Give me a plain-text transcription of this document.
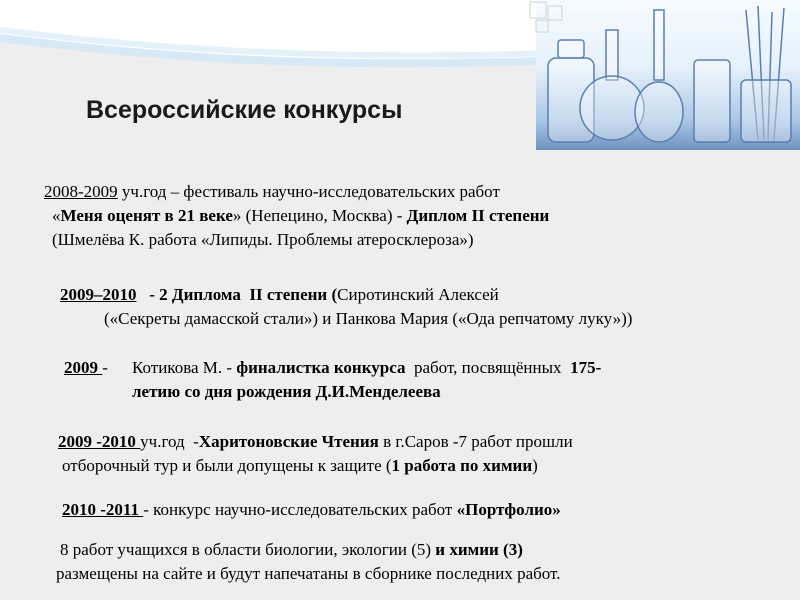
Всероссийские конкурсы
2008-2009 уч.год – фестиваль научно-исследовательских работ
«Меня оценят в 21 веке» (Непецино, Москва) - Диплом II степени
(Шмелёва К. работа «Липиды. Проблемы атеросклероза»)
2009–2010   - 2 Диплома  II степени (Сиротинский Алексей
(«Секреты дамасской стали») и Панкова Мария («Ода репчатому луку»))
2009 - Котикова М. - финалистка конкурса  работ, посвящённых  175-
летию со дня рождения Д.И.Менделеева
2009 -2010 уч.год  -Харитоновские Чтения в г.Саров -7 работ прошли
отборочный тур и были допущены к защите (1 работа по химии)
2010 -2011 - конкурс научно-исследовательских работ «Портфолио»
8 работ учащихся в области биологии, экологии (5) и химии (3)
размещены на сайте и будут напечатаны в сборнике последних работ.
